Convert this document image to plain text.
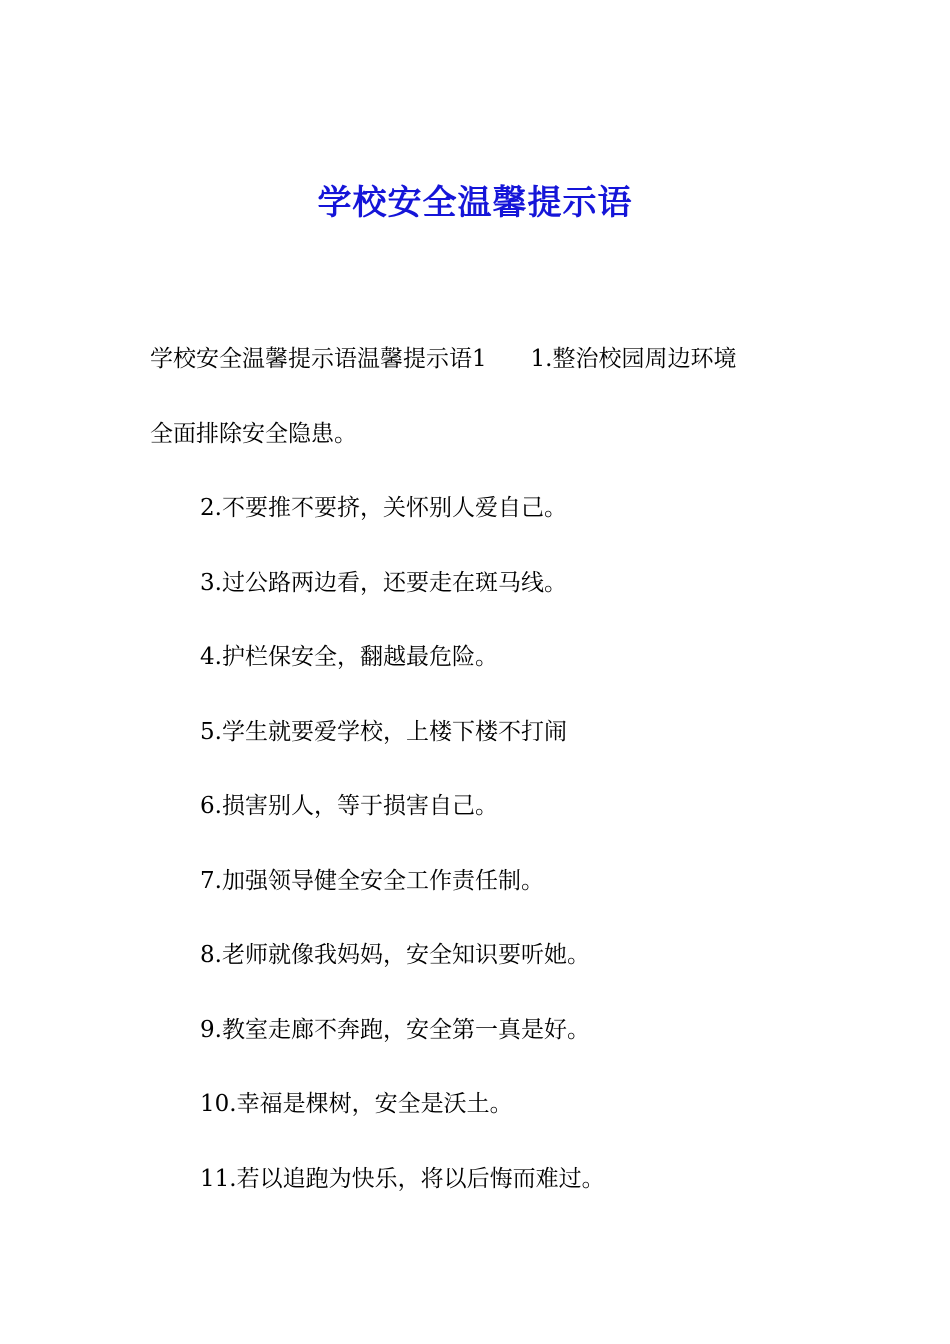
学校安全温馨提示语

学校安全温馨提示语温馨提示语1      1.整治校园周边环境

全面排除安全隐患。

2.不要推不要挤，关怀别人爱自己。

3.过公路两边看，还要走在斑马线。

4.护栏保安全，翻越最危险。

5.学生就要爱学校，上楼下楼不打闹

6.损害别人，等于损害自己。

7.加强领导健全安全工作责任制。

8.老师就像我妈妈，安全知识要听她。

9.教室走廊不奔跑，安全第一真是好。

10.幸福是棵树，安全是沃土。

11.若以追跑为快乐，将以后悔而难过。
